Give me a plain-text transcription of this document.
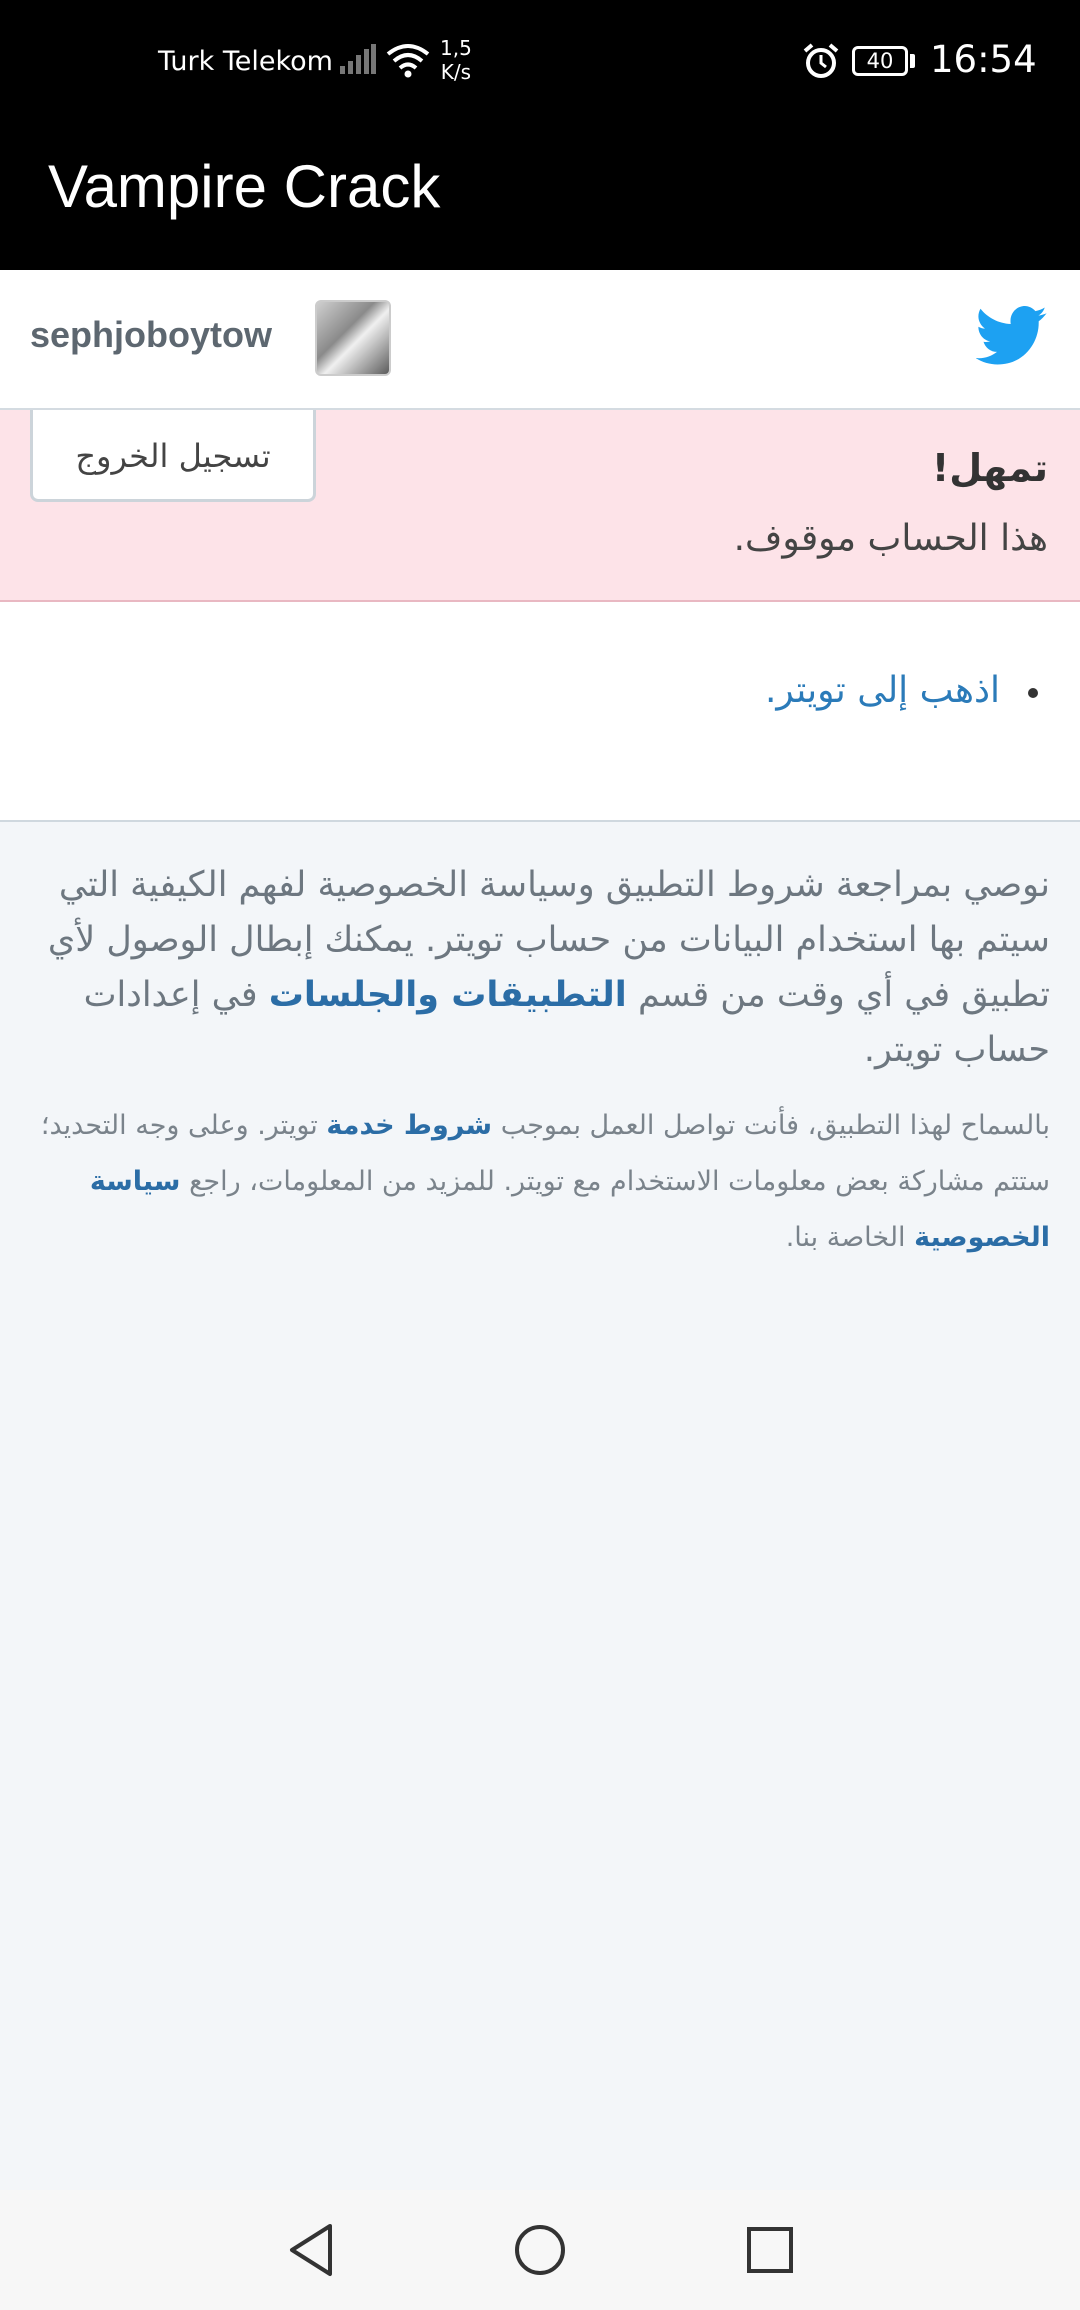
Turk Telekom	1,5
K/s	40 16:54
Vampire Crack
sephjoboytow
تسجيل الخروج	تمهل!
هذا الحساب موقوف.
اذهب إلى تويتر.
نوصي بمراجعة شروط التطبيق وسياسة الخصوصية لفهم الكيفية التي سيتم بها استخدام البيانات من حساب تويتر. يمكنك إبطال الوصول لأي تطبيق في أي وقت من قسم التطبيقات والجلسات في إعدادات حساب تويتر.
بالسماح لهذا التطبيق، فأنت تواصل العمل بموجب شروط خدمة تويتر. وعلى وجه التحديد؛ ستتم مشاركة بعض معلومات الاستخدام مع تويتر. للمزيد من المعلومات، راجع سياسة الخصوصية الخاصة بنا.
